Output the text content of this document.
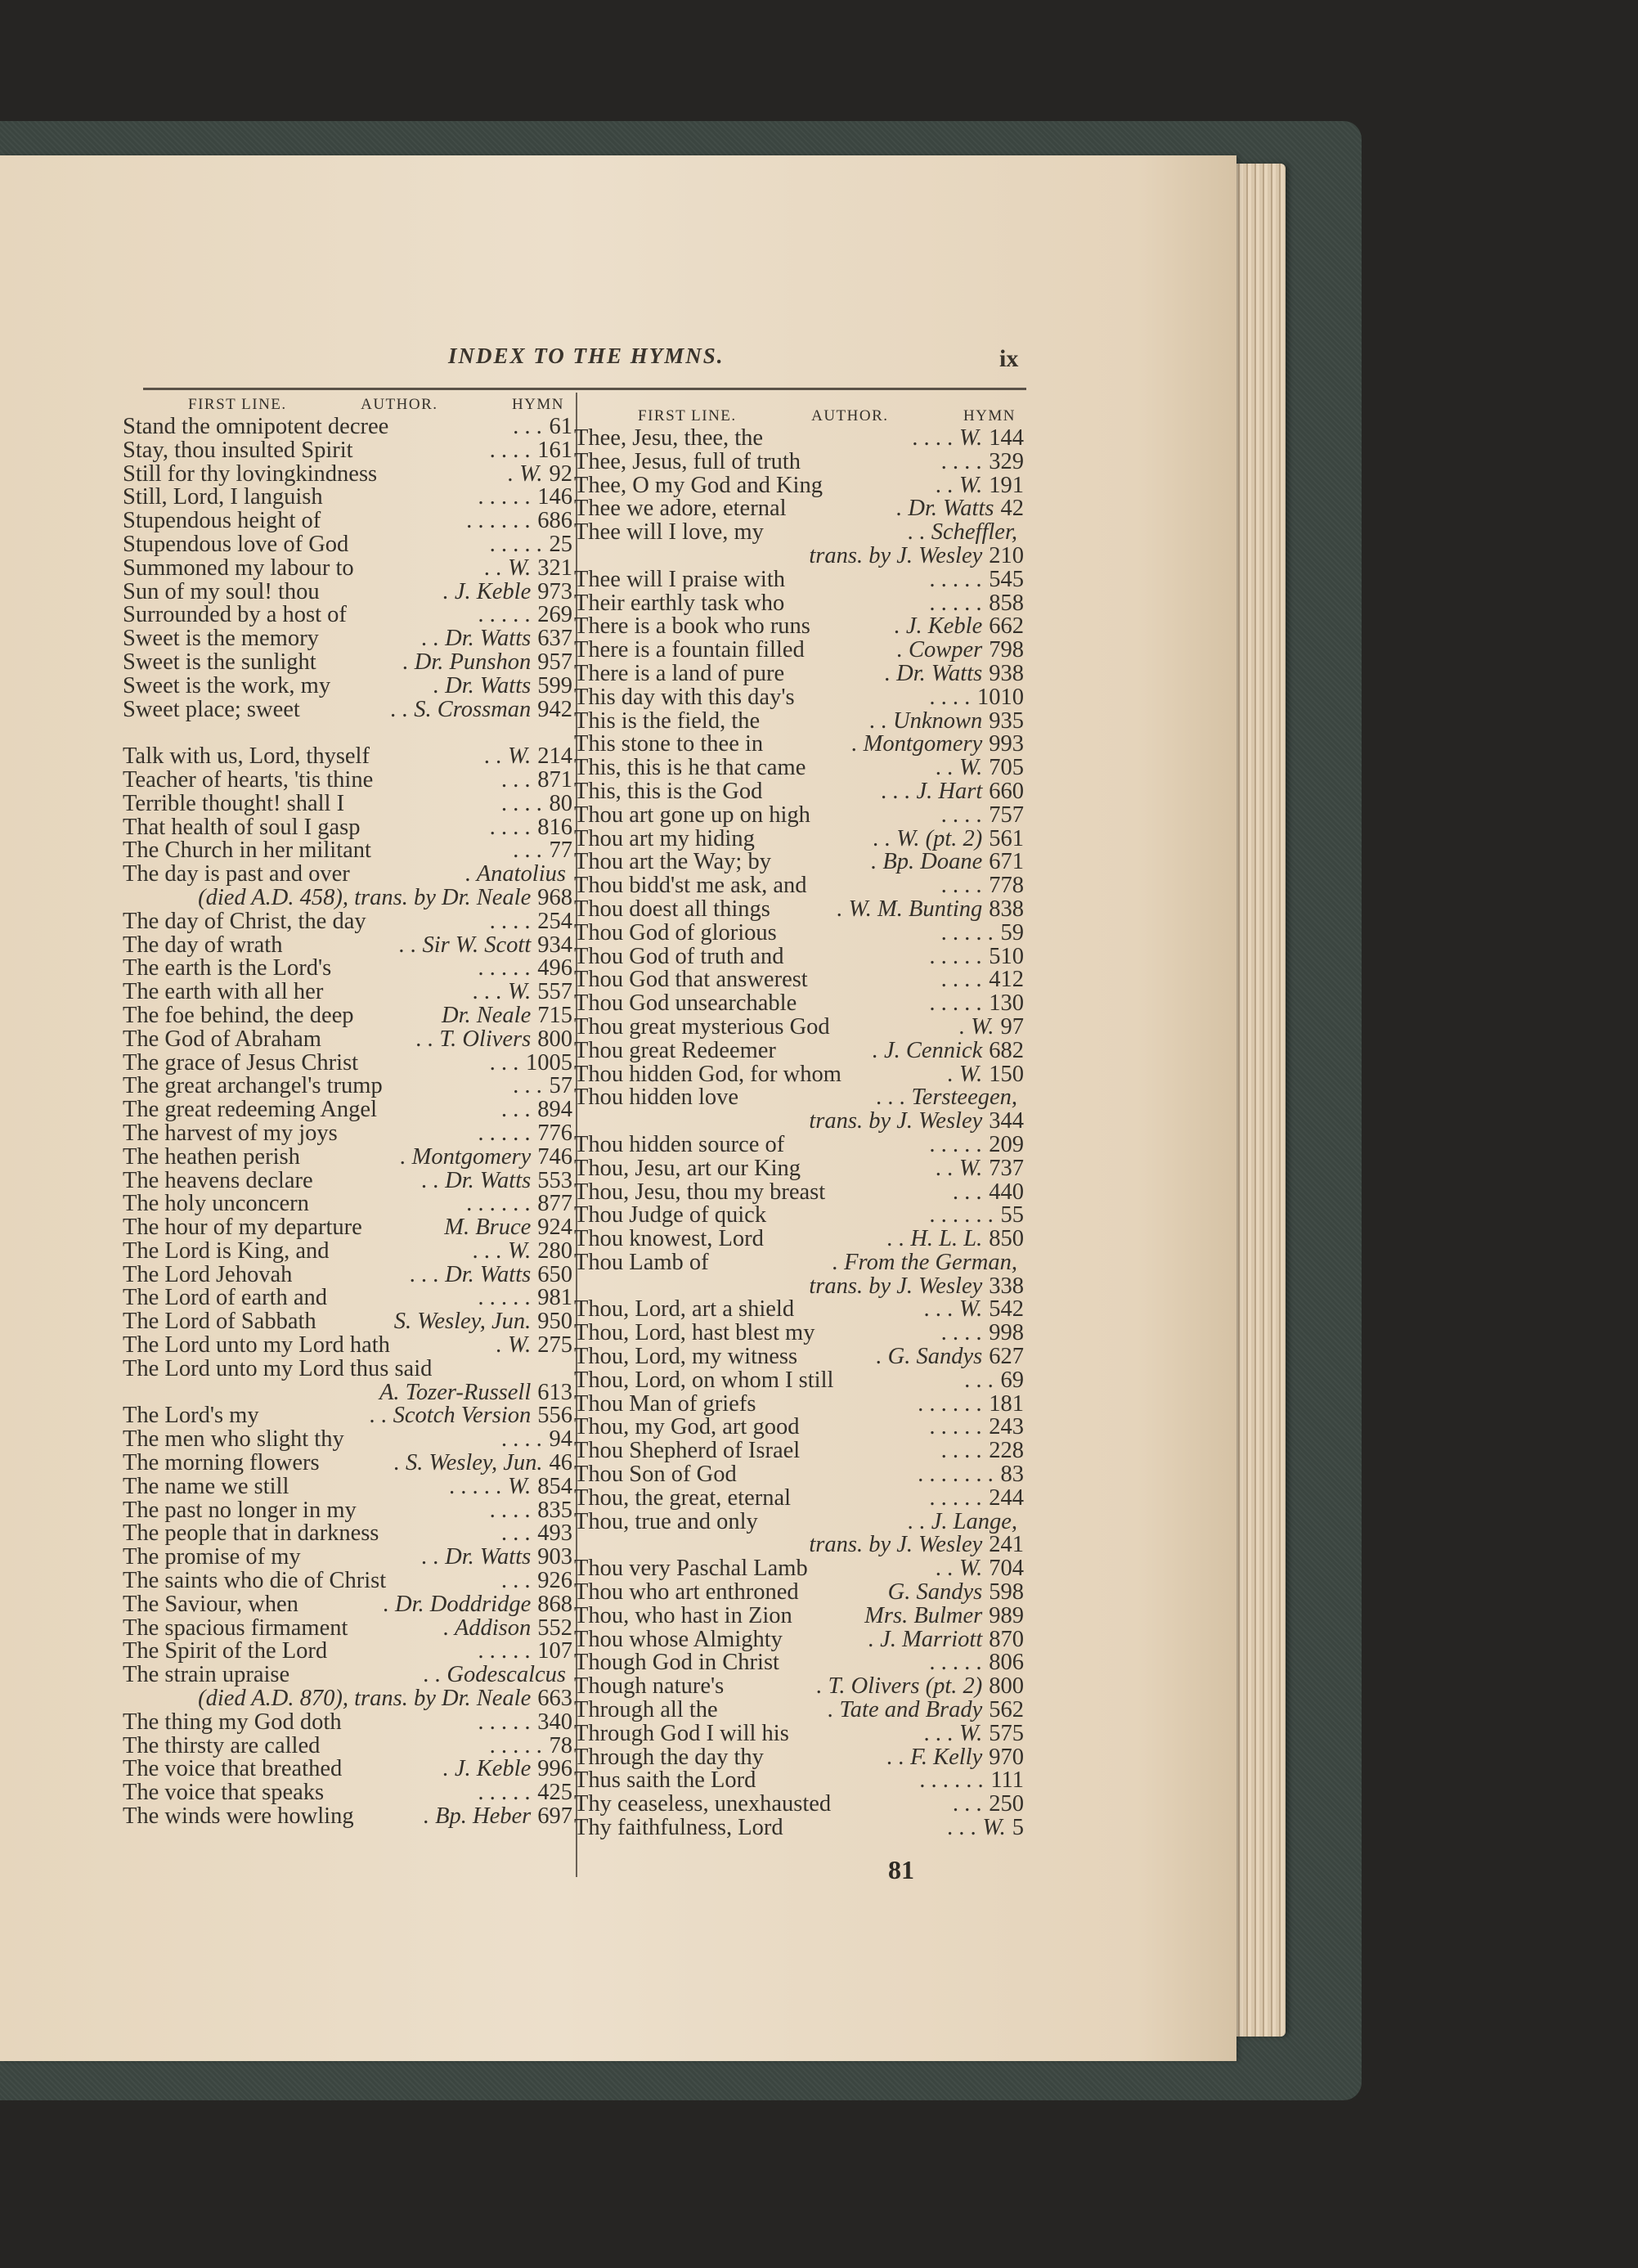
INDEX TO THE HYMNS.	ix
FIRST LINE.	AUTHOR.	HYMN
Stand the omnipotent decree	. . . 61
Stay, thou insulted Spirit	. . . . 161
Still for thy lovingkindness	. W. 92
Still, Lord, I languish	. . . . . 146
Stupendous height of	. . . . . . 686
Stupendous love of God	. . . . . 25
Summoned my labour to	. . W. 321
Sun of my soul! thou	. J. Keble 973
Surrounded by a host of	. . . . . 269
Sweet is the memory	. . Dr. Watts 637
Sweet is the sunlight	. Dr. Punshon 957
Sweet is the work, my	. Dr. Watts 599
Sweet place; sweet	. . S. Crossman 942
Talk with us, Lord, thyself	. . W. 214
Teacher of hearts, 'tis thine	. . . 871
Terrible thought! shall I	. . . . 80
That health of soul I gasp	. . . . 816
The Church in her militant	. . . 77
The day is past and over	. Anatolius
(died A.D. 458), trans. by Dr. Neale 968
The day of Christ, the day	. . . . 254
The day of wrath	. . Sir W. Scott 934
The earth is the Lord's	. . . . . 496
The earth with all her	. . . W. 557
The foe behind, the deep	Dr. Neale 715
The God of Abraham	. . T. Olivers 800
The grace of Jesus Christ	. . . 1005
The great archangel's trump	. . . 57
The great redeeming Angel	. . . 894
The harvest of my joys	. . . . . 776
The heathen perish	. Montgomery 746
The heavens declare	. . Dr. Watts 553
The holy unconcern	. . . . . . 877
The hour of my departure	M. Bruce 924
The Lord is King, and	. . . W. 280
The Lord Jehovah	. . . Dr. Watts 650
The Lord of earth and	. . . . . 981
The Lord of Sabbath	S. Wesley, Jun. 950
The Lord unto my Lord hath	. W. 275
The Lord unto my Lord thus said
A. Tozer-Russell 613
The Lord's my	. . Scotch Version 556
The men who slight thy	. . . . 94
The morning flowers	. S. Wesley, Jun. 46
The name we still	. . . . . W. 854
The past no longer in my	. . . . 835
The people that in darkness	. . . 493
The promise of my	. . Dr. Watts 903
The saints who die of Christ	. . . 926
The Saviour, when	. Dr. Doddridge 868
The spacious firmament	. Addison 552
The Spirit of the Lord	. . . . . 107
The strain upraise	. . Godescalcus
(died A.D. 870), trans. by Dr. Neale 663
The thing my God doth	. . . . . 340
The thirsty are called	. . . . . 78
The voice that breathed	. J. Keble 996
The voice that speaks	. . . . . 425
The winds were howling	. Bp. Heber 697
FIRST LINE.	AUTHOR.	HYMN
Thee, Jesu, thee, the	. . . . W. 144
Thee, Jesus, full of truth	. . . . 329
Thee, O my God and King	. . W. 191
Thee we adore, eternal	. Dr. Watts 42
Thee will I love, my	. . Scheffler,
trans. by J. Wesley 210
Thee will I praise with	. . . . . 545
Their earthly task who	. . . . . 858
There is a book who runs	. J. Keble 662
There is a fountain filled	. Cowper 798
There is a land of pure	. Dr. Watts 938
This day with this day's	. . . . 1010
This is the field, the	. . Unknown 935
This stone to thee in	. Montgomery 993
This, this is he that came	. . W. 705
This, this is the God	. . . J. Hart 660
Thou art gone up on high	. . . . 757
Thou art my hiding	. . W. (pt. 2) 561
Thou art the Way; by	. Bp. Doane 671
Thou bidd'st me ask, and	. . . . 778
Thou doest all things	. W. M. Bunting 838
Thou God of glorious	. . . . . 59
Thou God of truth and	. . . . . 510
Thou God that answerest	. . . . 412
Thou God unsearchable	. . . . . 130
Thou great mysterious God	. W. 97
Thou great Redeemer	. J. Cennick 682
Thou hidden God, for whom	. W. 150
Thou hidden love	. . . Tersteegen,
trans. by J. Wesley 344
Thou hidden source of	. . . . . 209
Thou, Jesu, art our King	. . W. 737
Thou, Jesu, thou my breast	. . . 440
Thou Judge of quick	. . . . . . 55
Thou knowest, Lord	. . H. L. L. 850
Thou Lamb of	. From the German,
trans. by J. Wesley 338
Thou, Lord, art a shield	. . . W. 542
Thou, Lord, hast blest my	. . . . 998
Thou, Lord, my witness	. G. Sandys 627
Thou, Lord, on whom I still	. . . 69
Thou Man of griefs	. . . . . . 181
Thou, my God, art good	. . . . . 243
Thou Shepherd of Israel	. . . . 228
Thou Son of God	. . . . . . . 83
Thou, the great, eternal	. . . . . 244
Thou, true and only	. . J. Lange,
trans. by J. Wesley 241
Thou very Paschal Lamb	. . W. 704
Thou who art enthroned	G. Sandys 598
Thou, who hast in Zion	Mrs. Bulmer 989
Thou whose Almighty	. J. Marriott 870
Though God in Christ	. . . . . 806
Though nature's	. T. Olivers (pt. 2) 800
Through all the	. Tate and Brady 562
Through God I will his	. . . W. 575
Through the day thy	. . F. Kelly 970
Thus saith the Lord	. . . . . . 111
Thy ceaseless, unexhausted	. . . 250
Thy faithfulness, Lord	. . . W. 5
81
